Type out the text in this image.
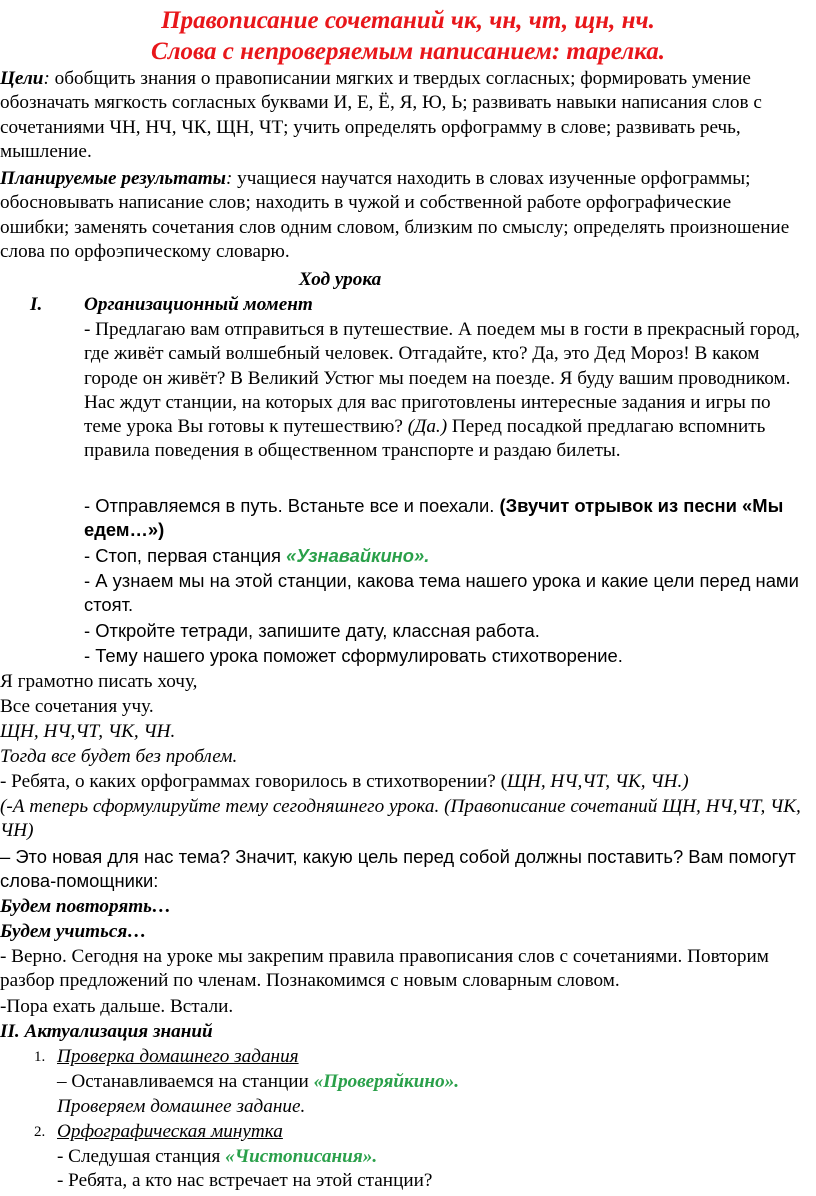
Правописание сочетаний чк, чн, чт, щн, нч.
Слова с непроверяемым написанием: тарелка.
Цели: обобщить знания о правописании мягких и твердых согласных; формировать умение обозначать мягкость согласных буквами И, Е, Ё, Я, Ю, Ь; развивать навыки написания слов с сочетаниями ЧН, НЧ, ЧК, ЩН, ЧТ; учить определять орфограмму в слове; развивать речь, мышление.
Планируемые результаты: учащиеся научатся находить в словах изученные орфограммы; обосновывать написание слов; находить в чужой и собственной работе орфографические ошибки; заменять сочетания слов одним словом, близким по смыслу; определять произношение слова по орфоэпическому словарю.
Ход урока
I. Организационный момент
- Предлагаю вам отправиться в путешествие. А поедем мы в гости в прекрасный город, где живёт самый волшебный человек. Отгадайте, кто? Да, это Дед Мороз! В каком городе он живёт? В Великий Устюг мы поедем на поезде. Я буду вашим проводником. Нас ждут станции, на которых для вас приготовлены интересные задания и игры по теме урока Вы готовы к путешествию? (Да.) Перед посадкой предлагаю вспомнить правила поведения в общественном транспорте и раздаю билеты.
- Отправляемся в путь. Встаньте все и поехали. (Звучит отрывок из песни «Мы едем…»)
- Стоп, первая станция «Узнавайкино».
- А узнаем мы на этой станции, какова тема нашего урока и какие цели перед нами стоят.
- Откройте тетради, запишите дату, классная работа.
- Тему нашего урока поможет сформулировать стихотворение.
Я грамотно писать хочу,
Все сочетания учу.
ЩН, НЧ,ЧТ, ЧК, ЧН.
Тогда все будет без проблем.
- Ребята, о каких орфограммах говорилось в стихотворении? (ЩН, НЧ,ЧТ, ЧК, ЧН.)
(-А теперь сформулируйте тему сегодняшнего урока. (Правописание сочетаний ЩН, НЧ,ЧТ, ЧК, ЧН)
– Это новая для нас тема? Значит, какую цель перед собой должны поставить? Вам помогут слова-помощники:
Будем повторять…
Будем учиться…
- Верно. Сегодня на уроке мы закрепим правила правописания слов с сочетаниями. Повторим разбор предложений по членам. Познакомимся с новым словарным словом.
-Пора ехать дальше. Встали.
II. Актуализация знаний
1. Проверка домашнего задания
– Останавливаемся на станции «Проверяйкино».
Проверяем домашнее задание.
2. Орфографическая минутка
- Следушая станция «Чистописания».
- Ребята, а кто нас встречает на этой станции?
